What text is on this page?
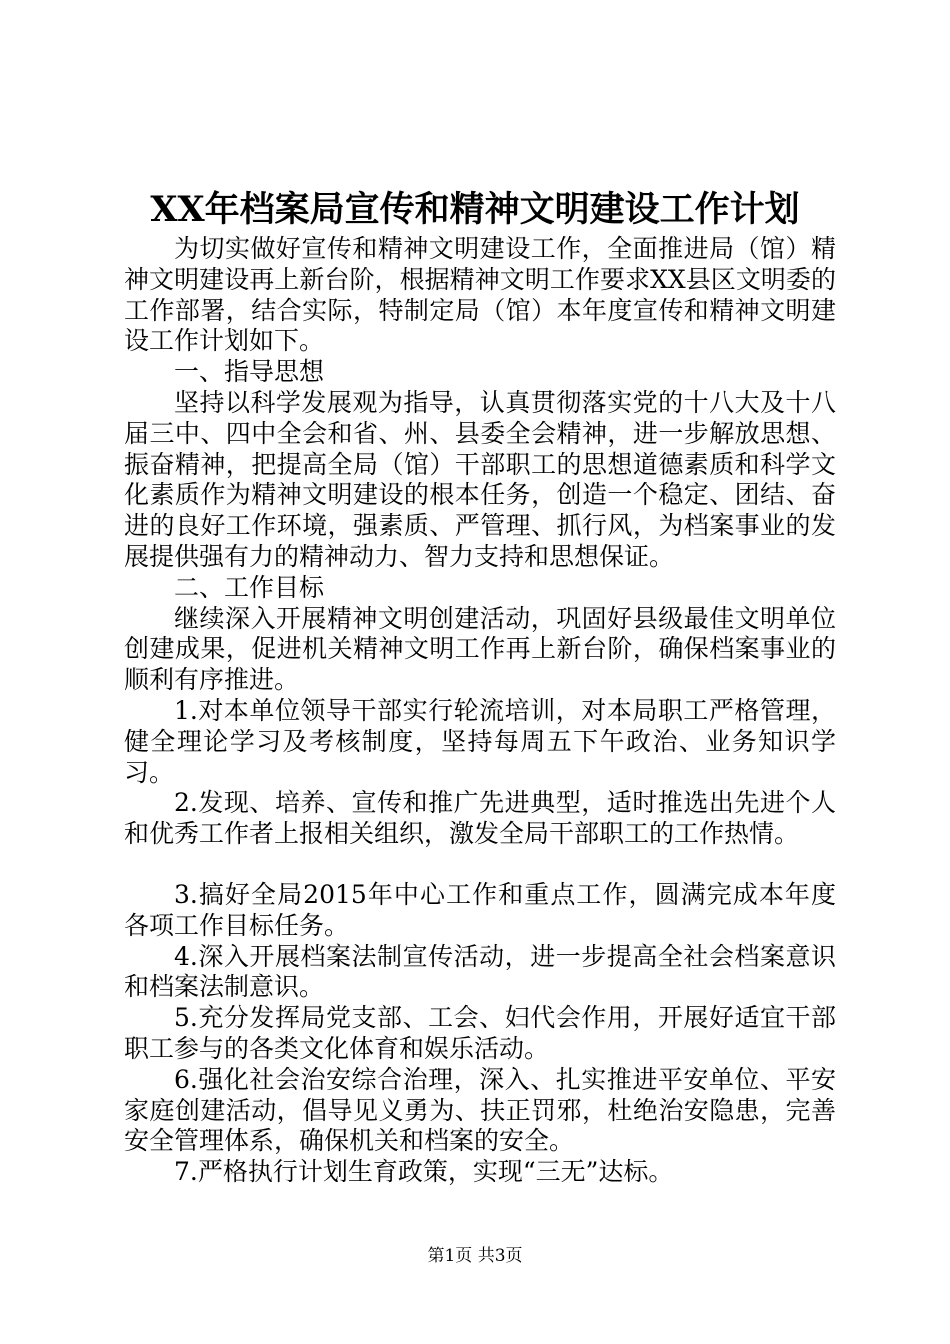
XX年档案局宣传和精神文明建设工作计划

为切实做好宣传和精神文明建设工作，全面推进局（馆）精神文明建设再上新台阶，根据精神文明工作要求XX县区文明委的工作部署，结合实际，特制定局（馆）本年度宣传和精神文明建设工作计划如下。

一、指导思想

坚持以科学发展观为指导，认真贯彻落实党的十八大及十八届三中、四中全会和省、州、县委全会精神，进一步解放思想、振奋精神，把提高全局（馆）干部职工的思想道德素质和科学文化素质作为精神文明建设的根本任务，创造一个稳定、团结、奋进的良好工作环境，强素质、严管理、抓行风，为档案事业的发展提供强有力的精神动力、智力支持和思想保证。

二、工作目标

继续深入开展精神文明创建活动，巩固好县级最佳文明单位创建成果，促进机关精神文明工作再上新台阶，确保档案事业的顺利有序推进。

1.对本单位领导干部实行轮流培训，对本局职工严格管理，健全理论学习及考核制度，坚持每周五下午政治、业务知识学习。

2.发现、培养、宣传和推广先进典型，适时推选出先进个人和优秀工作者上报相关组织，激发全局干部职工的工作热情。

3.搞好全局2015年中心工作和重点工作，圆满完成本年度各项工作目标任务。

4.深入开展档案法制宣传活动，进一步提高全社会档案意识和档案法制意识。

5.充分发挥局党支部、工会、妇代会作用，开展好适宜干部职工参与的各类文化体育和娱乐活动。

6.强化社会治安综合治理，深入、扎实推进平安单位、平安家庭创建活动，倡导见义勇为、扶正罚邪，杜绝治安隐患，完善安全管理体系，确保机关和档案的安全。

7.严格执行计划生育政策，实现“三无”达标。

第1页 共3页
